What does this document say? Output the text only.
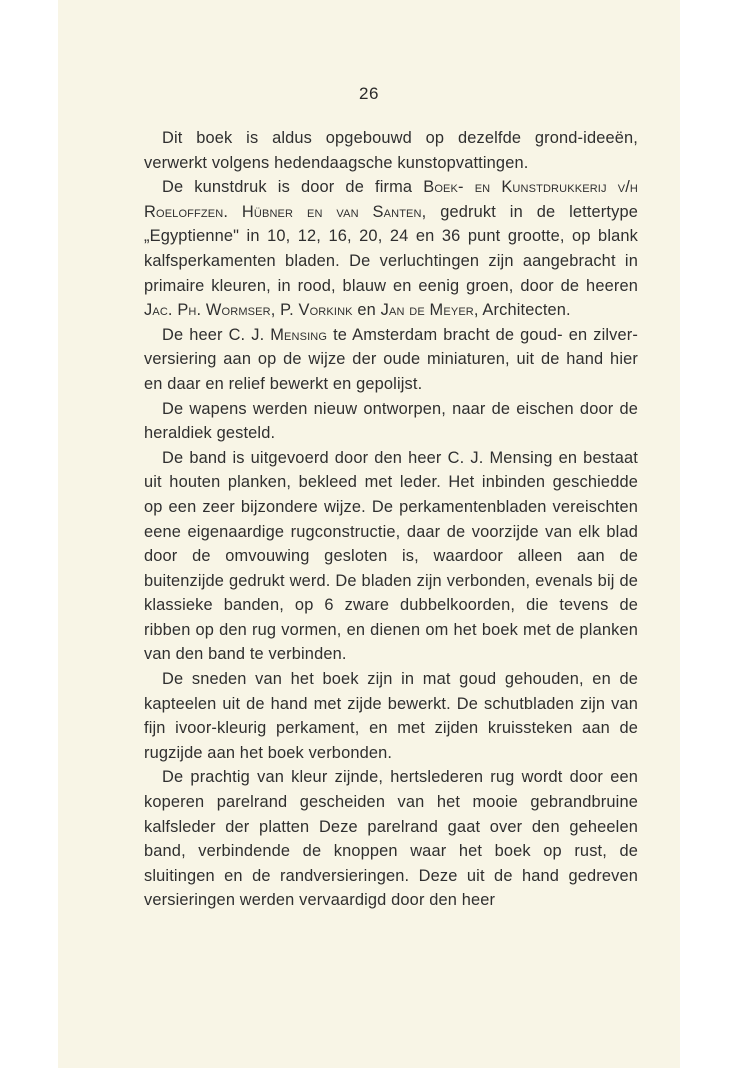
26

Dit boek is aldus opgebouwd op dezelfde grond-ideeën, verwerkt volgens hedendaagsche kunstopvattingen.

De kunstdruk is door de firma Boek- en Kunstdrukkerij v/h Roeloffzen. Hübner en van Santen, gedrukt in de lettertype „Egyptienne" in 10, 12, 16, 20, 24 en 36 punt grootte, op blank kalfsperkamenten bladen. De verluchtingen zijn aangebracht in primaire kleuren, in rood, blauw en eenig groen, door de heeren Jac. Ph. Wormser, P. Vorkink en Jan de Meyer, Architecten.

De heer C. J. Mensing te Amsterdam bracht de goud- en zilver-versiering aan op de wijze der oude miniaturen, uit de hand hier en daar en relief bewerkt en gepolijst.

De wapens werden nieuw ontworpen, naar de eischen door de heraldiek gesteld.

De band is uitgevoerd door den heer C. J. Mensing en bestaat uit houten planken, bekleed met leder. Het inbinden geschiedde op een zeer bijzondere wijze. De perkamentenbladen vereischten eene eigenaardige rugconstructie, daar de voorzijde van elk blad door de omvouwing gesloten is, waardoor alleen aan de buitenzijde gedrukt werd. De bladen zijn verbonden, evenals bij de klassieke banden, op 6 zware dubbelkoorden, die tevens de ribben op den rug vormen, en dienen om het boek met de planken van den band te verbinden.

De sneden van het boek zijn in mat goud gehouden, en de kapteelen uit de hand met zijde bewerkt. De schutbladen zijn van fijn ivoor-kleurig perkament, en met zijden kruissteken aan de rugzijde aan het boek verbonden.

De prachtig van kleur zijnde, hertslederen rug wordt door een koperen parelrand gescheiden van het mooie gebrandbruine kalfsleder der platten Deze parelrand gaat over den geheelen band, verbindende de knoppen waar het boek op rust, de sluitingen en de randversieringen. Deze uit de hand gedreven versieringen werden vervaardigd door den heer
